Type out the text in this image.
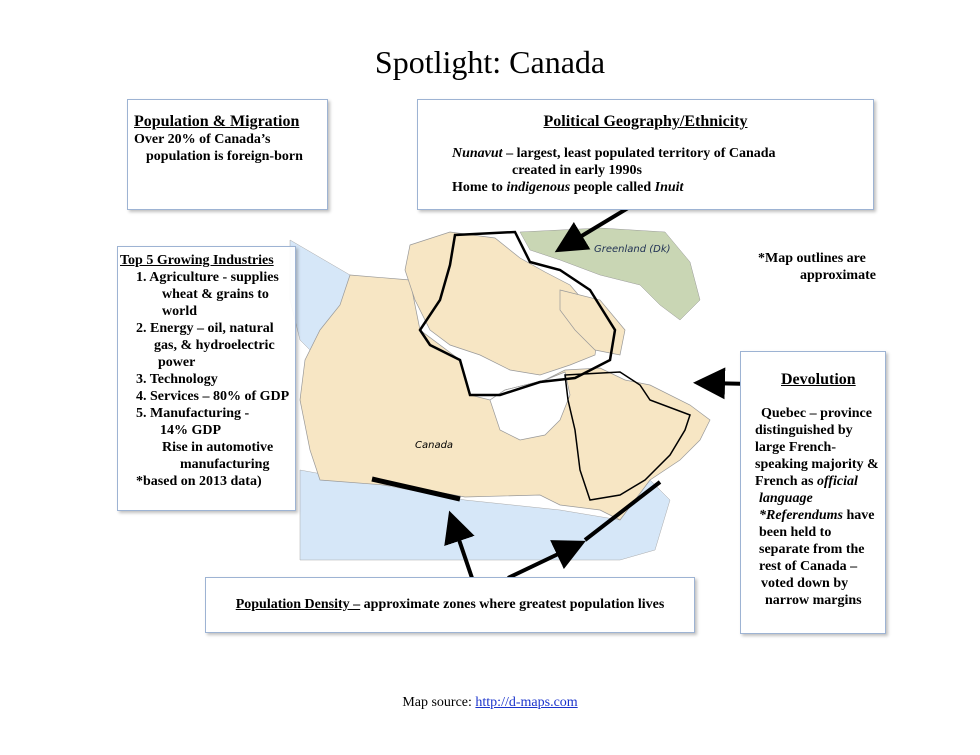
Spotlight: Canada
Canada
Greenland (Dk)

Population & Migration

Over 20% of Canada’s

population is foreign-born

Political Geography/Ethnicity

Nunavut – largest, least populated territory of Canada

created in early 1990s

Home to indigenous people called Inuit

Top 5 Growing Industries

1. Agriculture - supplies

wheat & grains to

world

2. Energy – oil, natural

gas, & hydroelectric

power

3. Technology

4. Services – 80% of GDP

5. Manufacturing -

14% GDP

Rise in automotive

manufacturing

*based on 2013 data)

*Map outlines are

approximate

Devolution

Quebec – province

distinguished by

large French-

speaking majority &

French as official

language

*Referendums have

been held to

separate from the

rest of Canada –

voted down by

narrow margins

Population Density – approximate zones where greatest population lives

Map source: http://d-maps.com
